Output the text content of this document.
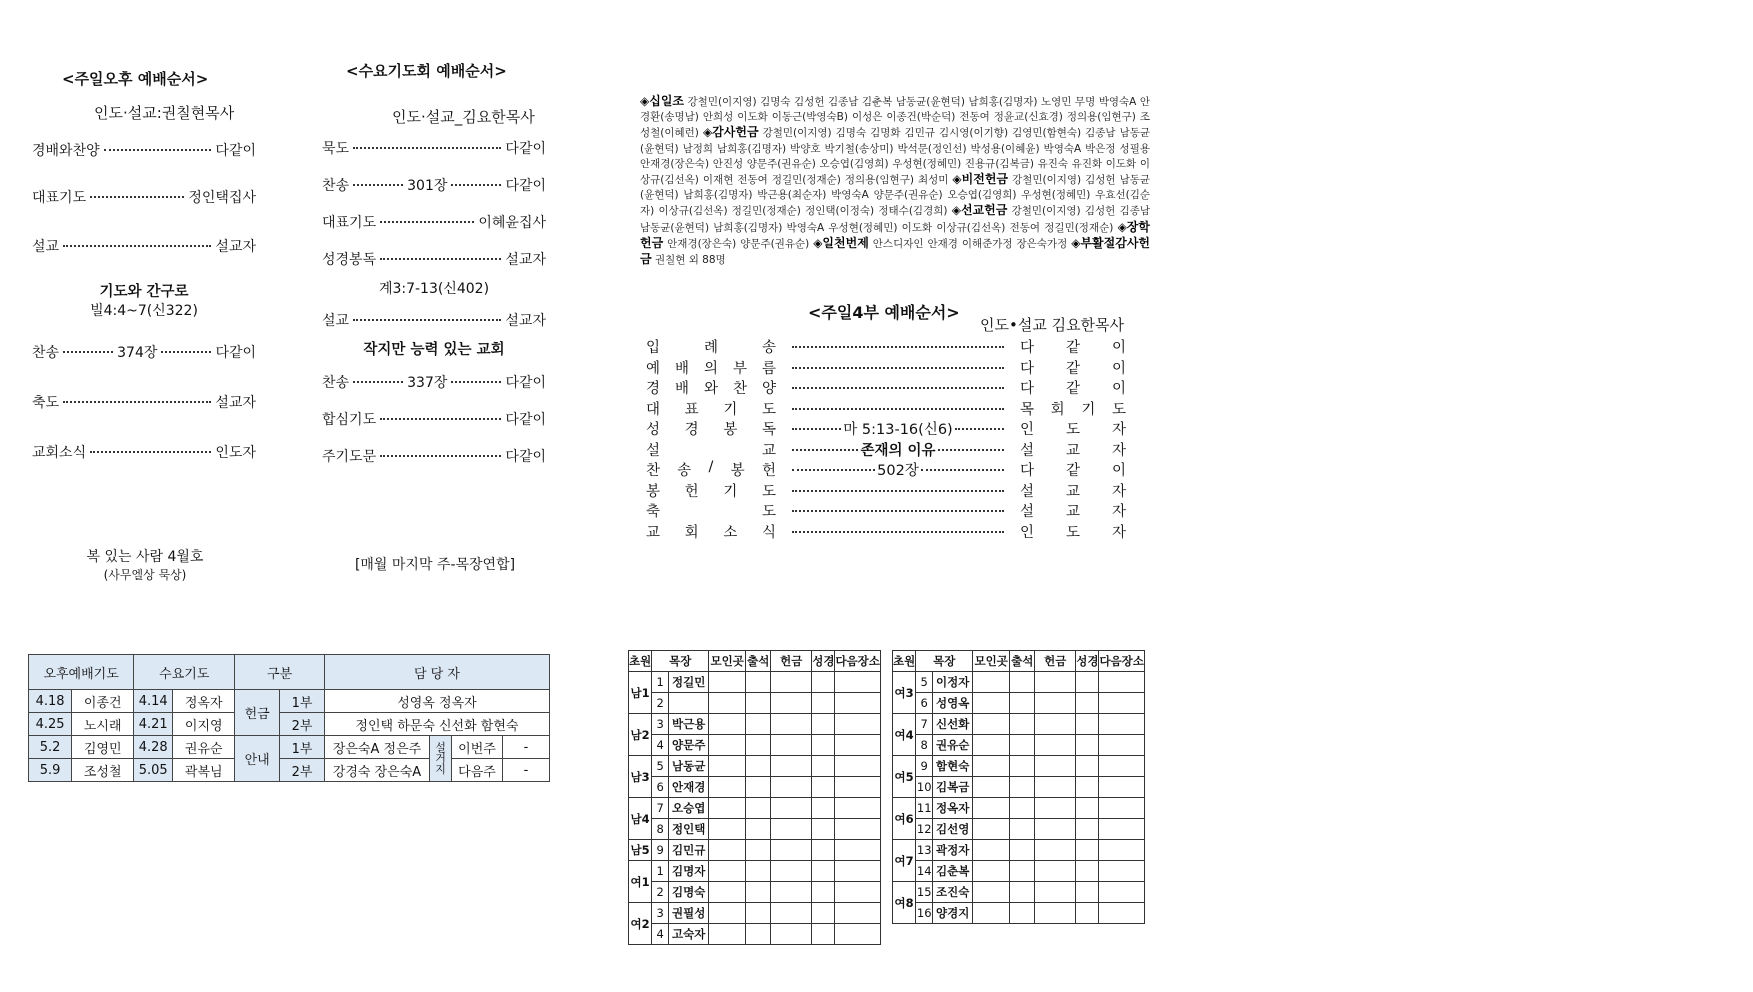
<주일오후 예배순서>
인도·설교:권칠현목사
경배와찬양	다같이
대표기도	정인택집사
설교	설교자
기도와 간구로
빌4:4~7(신322)
찬송	374장	다같이
축도	설교자
교회소식	인도자
복 있는 사람 4월호
(사무엘상 묵상)
<수요기도회 예배순서>
인도·설교_김요한목사
묵도	다같이
찬송	301장	다같이
대표기도	이혜윤집사
성경봉독	설교자
계3:7-13(신402)
설교	설교자
작지만 능력 있는 교회
찬송	337장	다같이
합심기도	다같이
주기도문	다같이
[매월 마지막 주-목장연합]
◈십일조 강철민(이지영) 김명숙 김성헌 김종남 김춘복 남동균(윤현덕) 남희홍(김명자) 노영민 무명 박영숙A 안경환(송명남) 안희성 이도화 이동근(박영숙B) 이성은 이종건(박순덕) 전동여 정윤교(신효경) 정의용(임현구) 조성철(이혜런) ◈감사헌금 강철민(이지영) 김명숙 김명화 김민규 김시영(이기향) 김영민(함현숙) 김종남 남동균(윤현덕) 남정희 남희홍(김명자) 박양호 박기철(송상미) 박석문(정인선) 박성용(이혜윤) 박영숙A 박은정 성필용 안재경(장은숙) 안진성 양문주(권유순) 오승엽(김영희) 우성현(정혜민) 진용규(김복금) 유진숙 유진화 이도화 이상규(김선옥) 이재현 전동여 정길민(정재순) 정의용(임현구) 최성미 ◈비전헌금 강철민(이지영) 김성헌 남동균(윤현덕) 남희홍(김명자) 박근용(최순자) 박영숙A 양문주(권유순) 오승엽(김영희) 우성현(정혜민) 우효선(김순자) 이상규(김선옥) 정길민(정재순) 정인택(이정숙) 정태수(김경희) ◈선교헌금 강철민(이지영) 김성헌 김종남 남동균(윤현덕) 남희홍(김명자) 박영숙A 우성현(정혜민) 이도화 이상규(김선옥) 전동여 정길민(정재순) ◈장학헌금 안재경(장은숙) 양문주(권유순) ◈일천번제 안스디자인 안재경 이해준가정 장은숙가정 ◈부활절감사헌금 권칠현 외 88명
<주일4부 예배순서>
인도•설교 김요한목사
입	례	송	다 같 이
예 배 의 부 름	다 같 이
경 배 와 찬 양	다 같 이
대 표 기 도	목 회 기 도
성 경 봉 독	마 5:13-16(신6)	인 도 자
설	교	존재의 이유	설 교 자
찬 송 / 봉 헌	502장	다 같 이
봉 헌 기 도	설 교 자
축	도	설 교 자
교 회 소 식	인 도 자
오후예배기도		수요기도		구분		담 당 자			
4.18	이종건	4.14	정옥자	헌금	1부	성영옥 정옥자			
4.25	노시래	4.21	이지영		2부	정인택 하문숙 신선화 함현숙			
5.2	김영민	4.28	권유순	안내	1부	장은숙A 정은주	설거지	이번주	-
5.9	조성철	5.05	곽복님		2부	강경숙 장은숙A		다음주	-
초원	목장		모인곳	출석	헌금	성경	다음장소
남1	1	정길민					
	2						
남2	3	박근용					
	4	양문주					
남3	5	남동균					
	6	안재경					
남4	7	오승엽					
	8	정인택					
남5	9	김민규					
여1	1	김명자					
	2	김명숙					
여2	3	권필성					
	4	고숙자					
초원	목장		모인곳	출석	헌금	성경	다음장소
여3	5	이정자					
	6	성영옥					
여4	7	신선화					
	8	권유순					
여5	9	함현숙					
	10	김복금					
여6	11	정옥자					
	12	김선영					
여7	13	곽정자					
	14	김춘복					
여8	15	조진숙					
	16	양경지					
